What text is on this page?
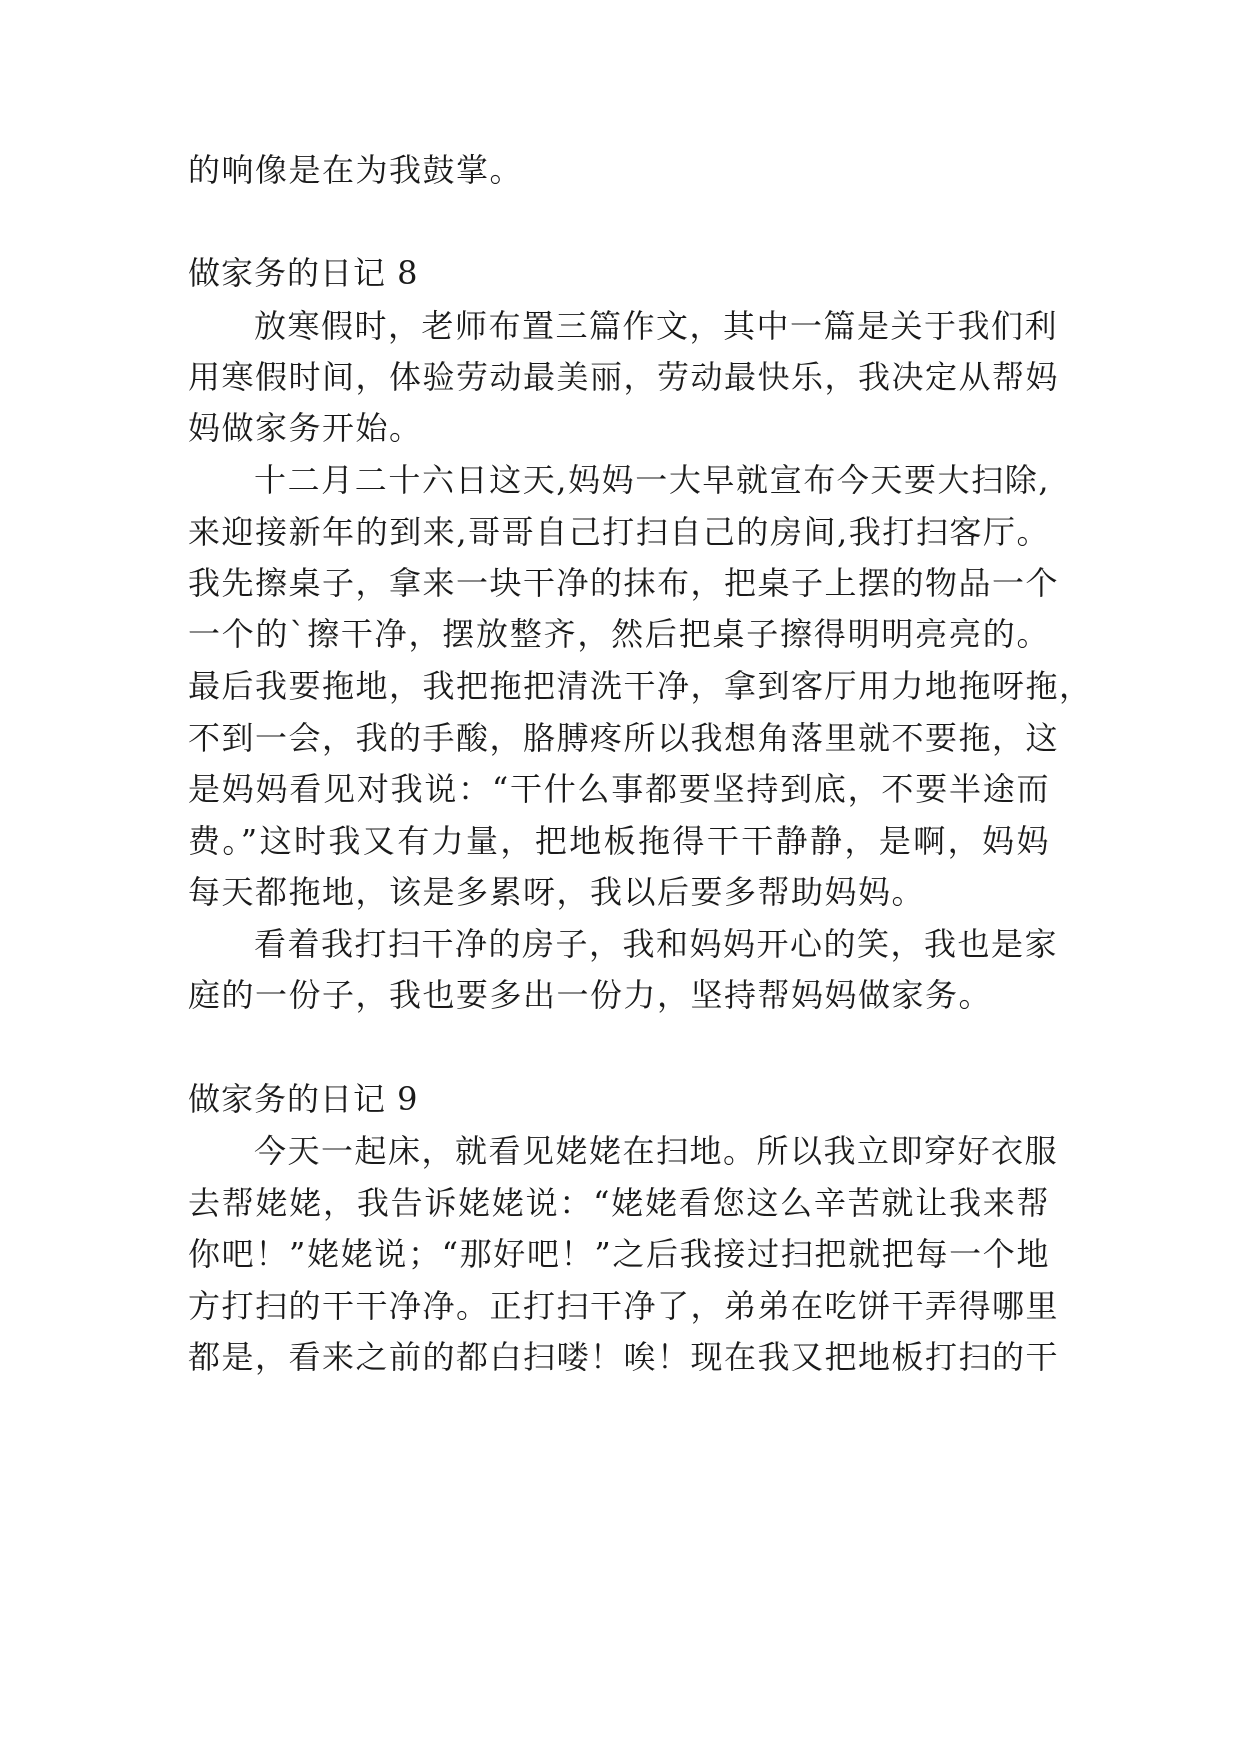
的响像是在为我鼓掌。
做家务的日记 8
放寒假时，老师布置三篇作文，其中一篇是关于我们利
用寒假时间，体验劳动最美丽，劳动最快乐，我决定从帮妈
妈做家务开始。
十二月二十六日这天,妈妈一大早就宣布今天要大扫除,
来迎接新年的到来,哥哥自己打扫自己的房间,我打扫客厅。
我先擦桌子，拿来一块干净的抹布，把桌子上摆的物品一个
一个的`擦干净，摆放整齐，然后把桌子擦得明明亮亮的。
最后我要拖地，我把拖把清洗干净，拿到客厅用力地拖呀拖，
不到一会，我的手酸，胳膊疼所以我想角落里就不要拖，这
是妈妈看见对我说：“干什么事都要坚持到底，不要半途而
费。”这时我又有力量，把地板拖得干干静静，是啊，妈妈
每天都拖地，该是多累呀，我以后要多帮助妈妈。
看着我打扫干净的房子，我和妈妈开心的笑，我也是家
庭的一份子，我也要多出一份力，坚持帮妈妈做家务。
做家务的日记 9
今天一起床，就看见姥姥在扫地。所以我立即穿好衣服
去帮姥姥，我告诉姥姥说：“姥姥看您这么辛苦就让我来帮
你吧！”姥姥说；“那好吧！”之后我接过扫把就把每一个地
方打扫的干干净净。正打扫干净了，弟弟在吃饼干弄得哪里
都是，看来之前的都白扫喽！唉！现在我又把地板打扫的干
